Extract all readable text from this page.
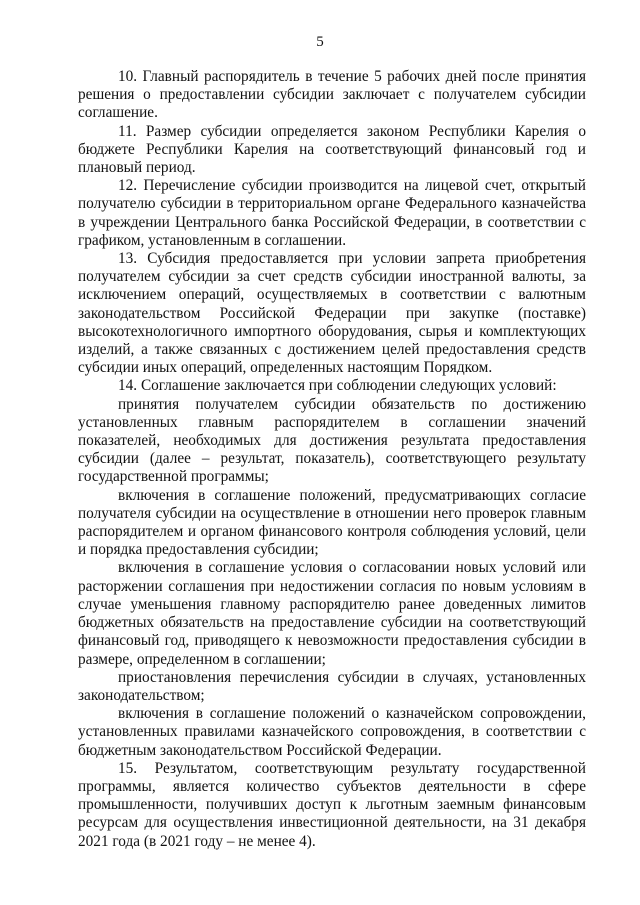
5

10. Главный распорядитель в течение 5 рабочих дней после принятия решения о предоставлении субсидии заключает с получателем субсидии соглашение.

11. Размер субсидии определяется законом Республики Карелия о бюджете Республики Карелия на соответствующий финансовый год и плановый период.

12. Перечисление субсидии производится на лицевой счет, открытый получателю субсидии в территориальном органе Федерального казначейства в учреждении Центрального банка Российской Федерации, в соответствии с графиком, установленным в соглашении.

13. Субсидия предоставляется при условии запрета приобретения получателем субсидии за счет средств субсидии иностранной валюты, за исключением операций, осуществляемых в соответствии с валютным законодательством Российской Федерации при закупке (поставке) высокотехнологичного импортного оборудования, сырья и комплектующих изделий, а также связанных с достижением целей предоставления средств субсидии иных операций, определенных настоящим Порядком.

14. Соглашение заключается при соблюдении следующих условий:

принятия получателем субсидии обязательств по достижению установленных главным распорядителем в соглашении значений показателей, необходимых для достижения результата предоставления субсидии (далее – результат, показатель), соответствующего результату государственной программы;

включения в соглашение положений, предусматривающих согласие получателя субсидии на осуществление в отношении него проверок главным распорядителем и органом финансового контроля соблюдения условий, цели и порядка предоставления субсидии;

включения в соглашение условия о согласовании новых условий или расторжении соглашения при недостижении согласия по новым условиям в случае уменьшения главному распорядителю ранее доведенных лимитов бюджетных обязательств на предоставление субсидии на соответствующий финансовый год, приводящего к невозможности предоставления субсидии в размере, определенном в соглашении;

приостановления перечисления субсидии в случаях, установленных законодательством;

включения в соглашение положений о казначейском сопровождении, установленных правилами казначейского сопровождения, в соответствии с бюджетным законодательством Российской Федерации.

15. Результатом, соответствующим результату государственной программы, является количество субъектов деятельности в сфере промышленности, получивших доступ к льготным заемным финансовым ресурсам для осуществления инвестиционной деятельности, на 31 декабря 2021 года (в 2021 году – не менее 4).
